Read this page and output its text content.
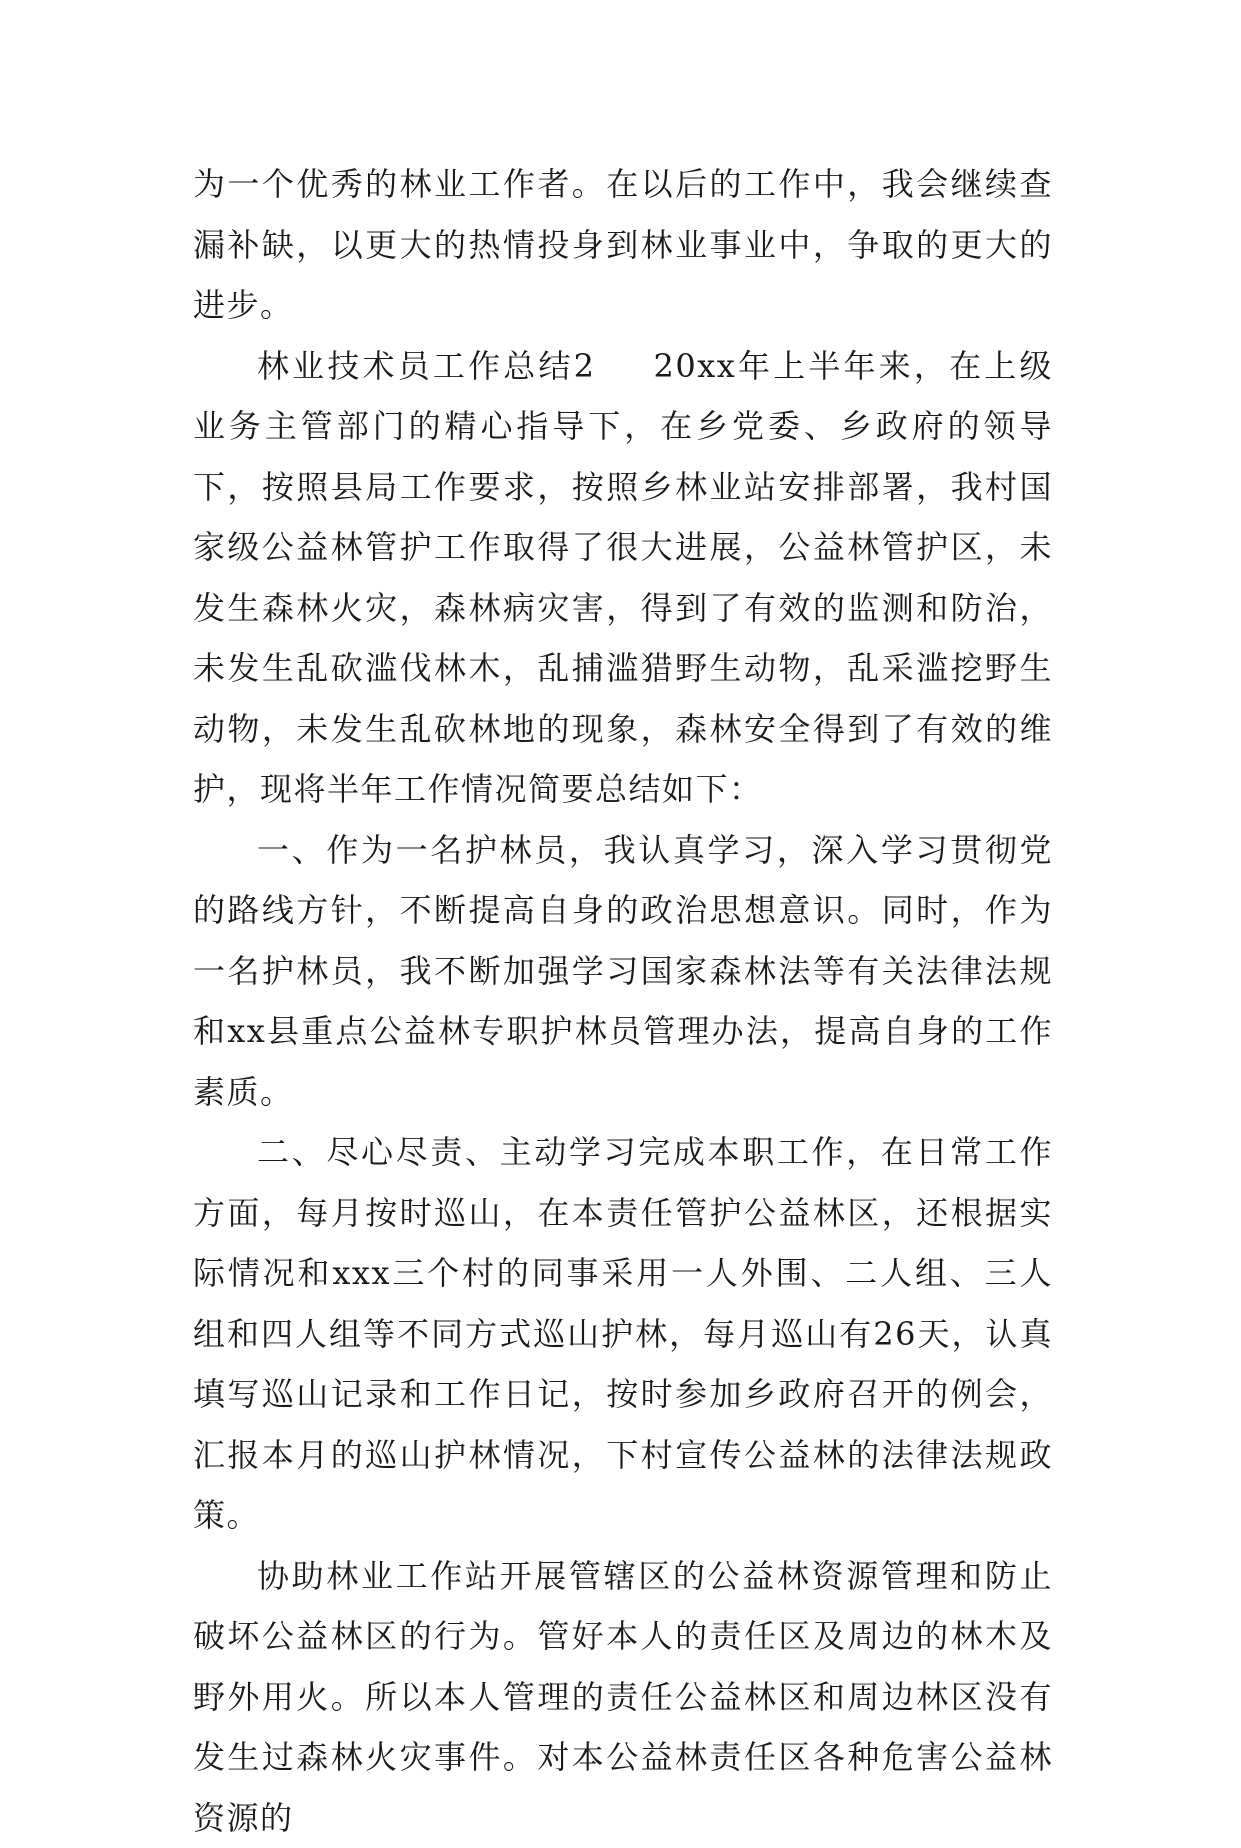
为一个优秀的林业工作者。在以后的工作中，我会继续查漏补缺，以更大的热情投身到林业事业中，争取的更大的进步。

林业技术员工作总结2 20xx年上半年来，在上级业务主管部门的精心指导下，在乡党委、乡政府的领导下，按照县局工作要求，按照乡林业站安排部署，我村国家级公益林管护工作取得了很大进展，公益林管护区，未发生森林火灾，森林病灾害，得到了有效的监测和防治，未发生乱砍滥伐林木，乱捕滥猎野生动物，乱采滥挖野生动物，未发生乱砍林地的现象，森林安全得到了有效的维护，现将半年工作情况简要总结如下：

一、作为一名护林员，我认真学习，深入学习贯彻党的路线方针，不断提高自身的政治思想意识。同时，作为一名护林员，我不断加强学习国家森林法等有关法律法规和xx县重点公益林专职护林员管理办法，提高自身的工作素质。

二、尽心尽责、主动学习完成本职工作，在日常工作方面，每月按时巡山，在本责任管护公益林区，还根据实际情况和xxx三个村的同事采用一人外围、二人组、三人组和四人组等不同方式巡山护林，每月巡山有26天，认真填写巡山记录和工作日记，按时参加乡政府召开的例会，汇报本月的巡山护林情况，下村宣传公益林的法律法规政策。

协助林业工作站开展管辖区的公益林资源管理和防止破坏公益林区的行为。管好本人的责任区及周边的林木及野外用火。所以本人管理的责任公益林区和周边林区没有发生过森林火灾事件。对本公益林责任区各种危害公益林资源的
